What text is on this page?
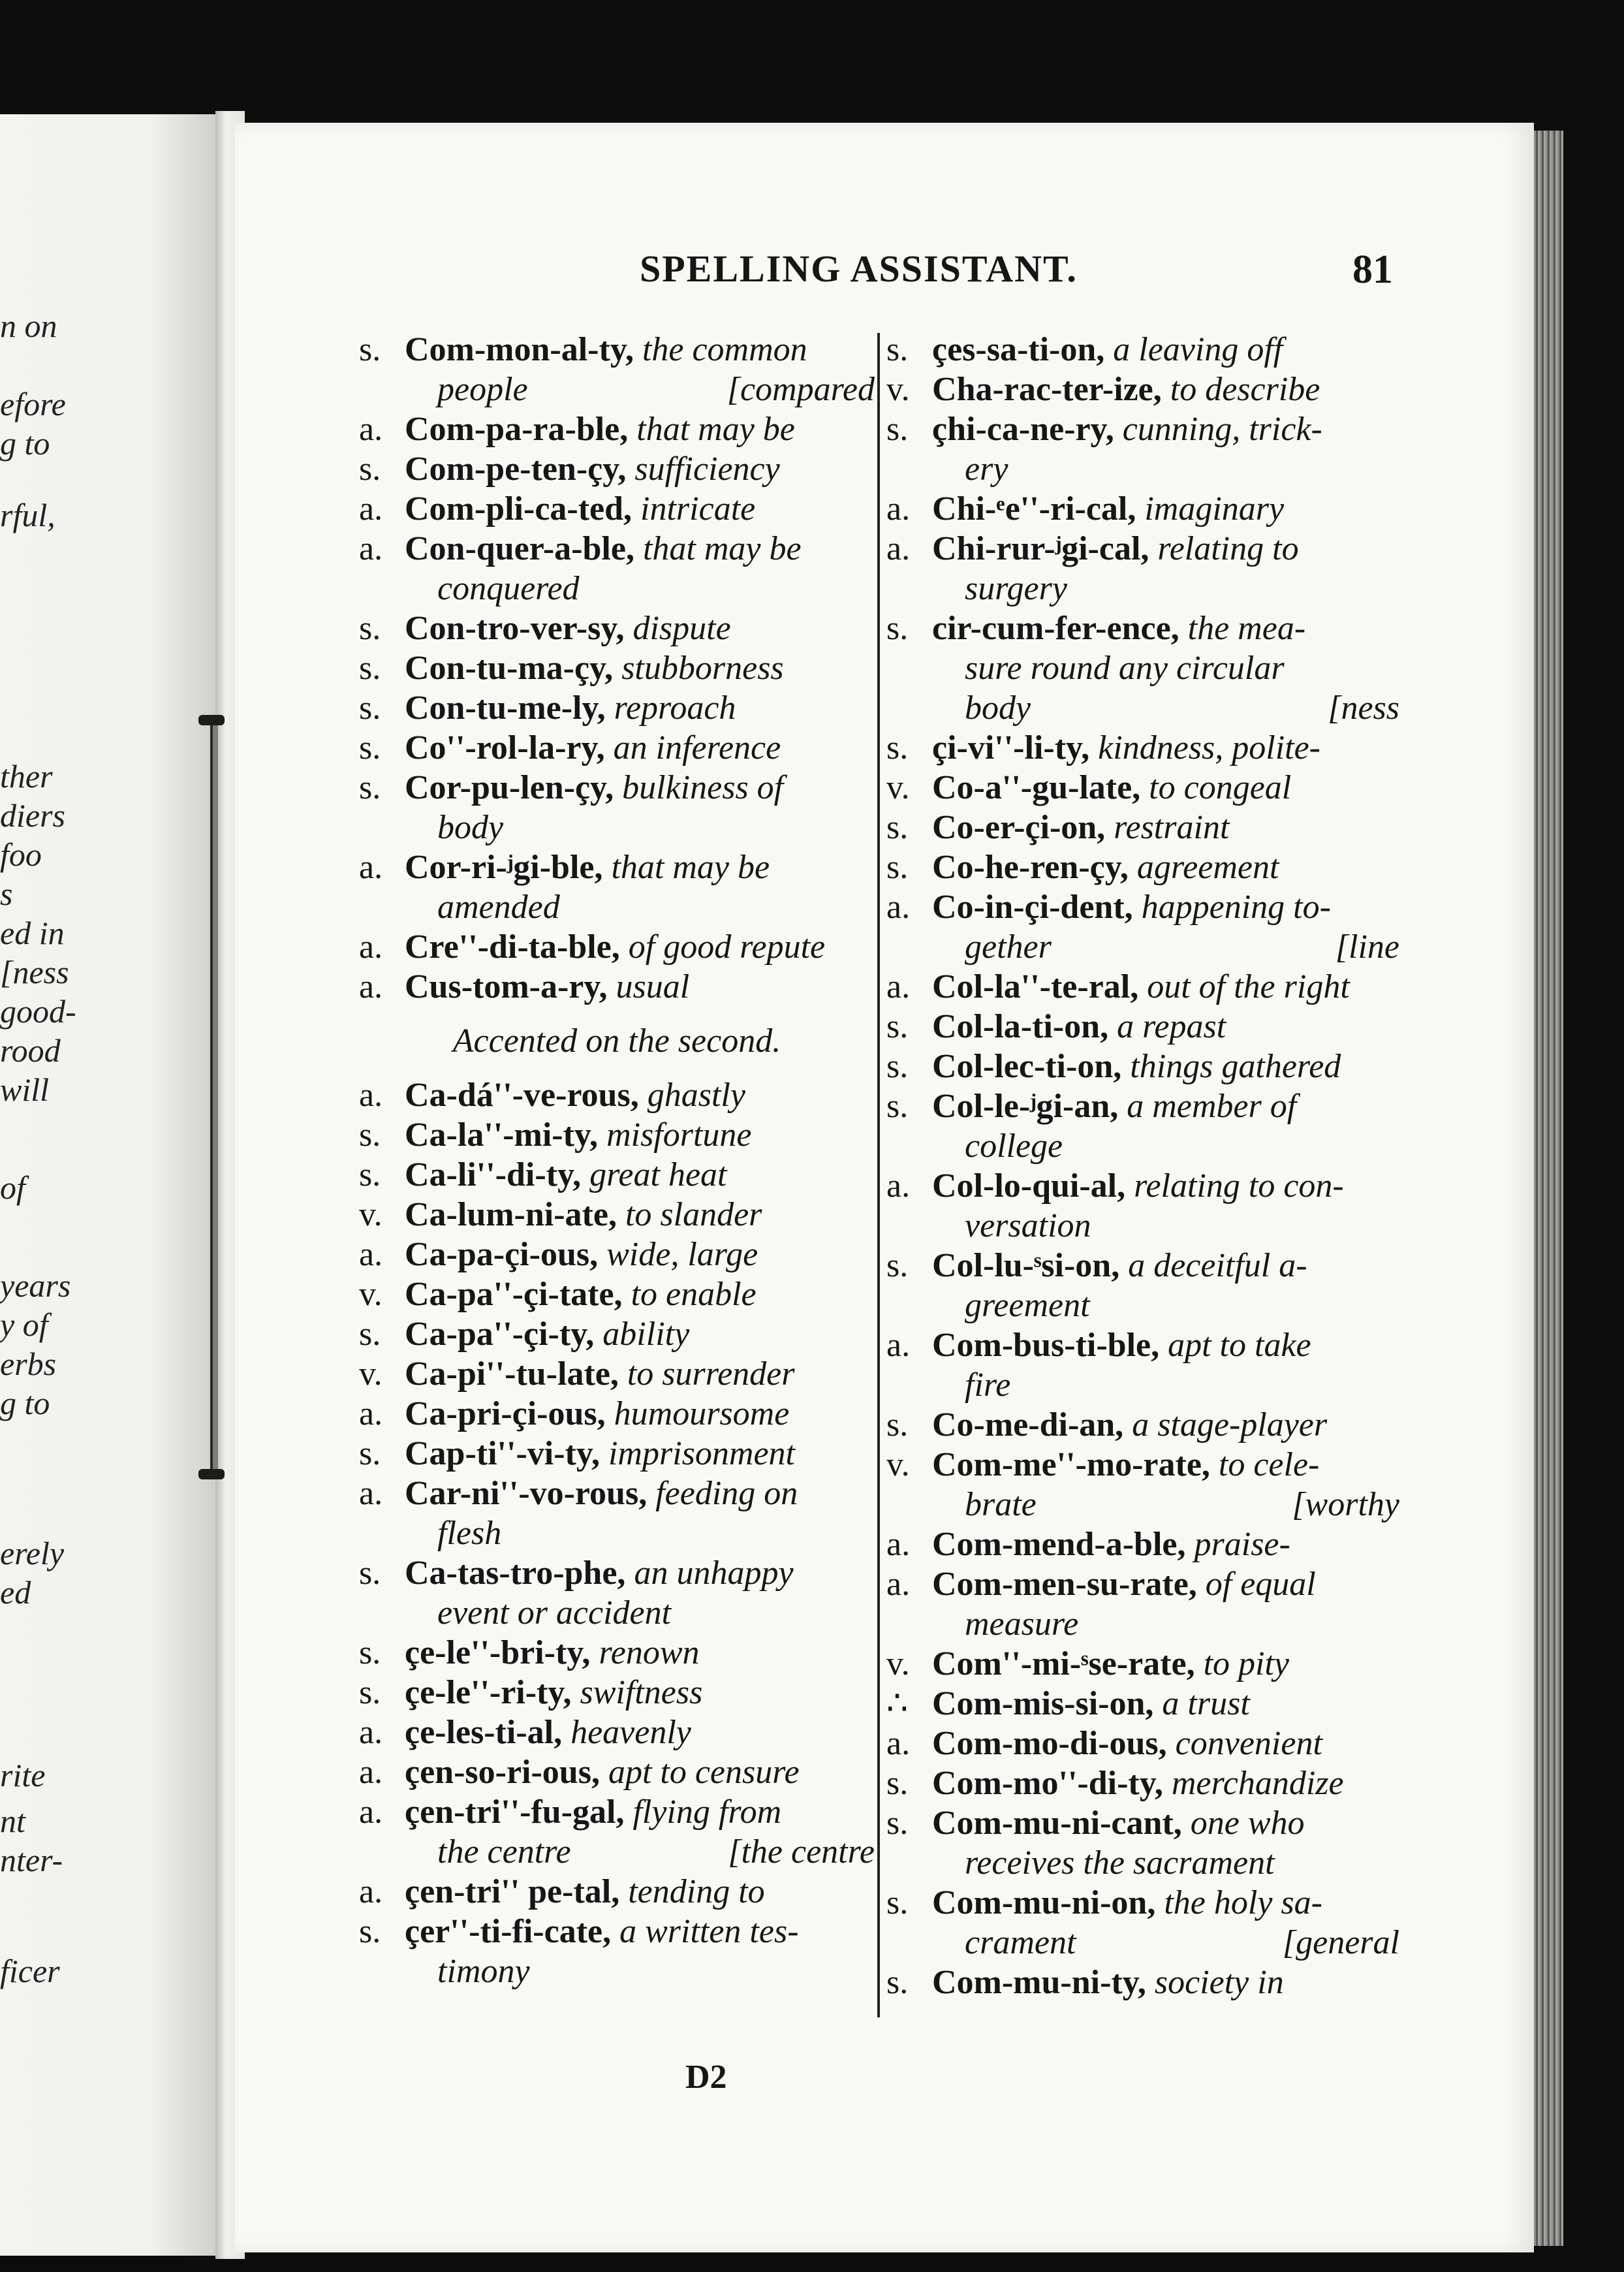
n on
efore
g to
rful,
ther
diers
foo
s
ed in
[ness
good-
rood
will
of
years
y of
erbs
g to
erely
ed
rite
nt
nter-
ficer
SPELLING ASSISTANT.	81
s. Com-mon-al-ty, the common
people	[compared
a. Com-pa-ra-ble, that may be
s. Com-pe-ten-çy, sufficiency
a. Com-pli-ca-ted, intricate
a. Con-quer-a-ble, that may be
conquered
s. Con-tro-ver-sy, dispute
s. Con-tu-ma-çy, stubborness
s. Con-tu-me-ly, reproach
s. Co''-rol-la-ry, an inference
s. Cor-pu-len-çy, bulkiness of
body
a. Cor-ri-ʲgi-ble, that may be
amended
a. Cre''-di-ta-ble, of good repute
a. Cus-tom-a-ry, usual
Accented on the second.
a. Ca-dá''-ve-rous, ghastly
s. Ca-la''-mi-ty, misfortune
s. Ca-li''-di-ty, great heat
v. Ca-lum-ni-ate, to slander
a. Ca-pa-çi-ous, wide, large
v. Ca-pa''-çi-tate, to enable
s. Ca-pa''-çi-ty, ability
v. Ca-pi''-tu-late, to surrender
a. Ca-pri-çi-ous, humoursome
s. Cap-ti''-vi-ty, imprisonment
a. Car-ni''-vo-rous, feeding on
flesh
s. Ca-tas-tro-phe, an unhappy
event or accident
s. çe-le''-bri-ty, renown
s. çe-le''-ri-ty, swiftness
a. çe-les-ti-al, heavenly
a. çen-so-ri-ous, apt to censure
a. çen-tri''-fu-gal, flying from
the centre	[the centre
a. çen-tri'' pe-tal, tending to
s. çer''-ti-fi-cate, a written tes-
timony
s. çes-sa-ti-on, a leaving off
v. Cha-rac-ter-ize, to describe
s. çhi-ca-ne-ry, cunning, trick-
ery
a. Chi-ᵉe''-ri-cal, imaginary
a. Chi-rur-ʲgi-cal, relating to
surgery
s. cir-cum-fer-ence, the mea-
sure round any circular
body	[ness
s. çi-vi''-li-ty, kindness, polite-
v. Co-a''-gu-late, to congeal
s. Co-er-çi-on, restraint
s. Co-he-ren-çy, agreement
a. Co-in-çi-dent, happening to-
gether	[line
a. Col-la''-te-ral, out of the right
s. Col-la-ti-on, a repast
s. Col-lec-ti-on, things gathered
s. Col-le-ʲgi-an, a member of
college
a. Col-lo-qui-al, relating to con-
versation
s. Col-lu-ˢsi-on, a deceitful a-
greement
a. Com-bus-ti-ble, apt to take
fire
s. Co-me-di-an, a stage-player
v. Com-me''-mo-rate, to cele-
brate	[worthy
a. Com-mend-a-ble, praise-
a. Com-men-su-rate, of equal
measure
v. Com''-mi-ˢse-rate, to pity
∴ Com-mis-si-on, a trust
a. Com-mo-di-ous, convenient
s. Com-mo''-di-ty, merchandize
s. Com-mu-ni-cant, one who
receives the sacrament
s. Com-mu-ni-on, the holy sa-
crament	[general
s. Com-mu-ni-ty, society in
D2
